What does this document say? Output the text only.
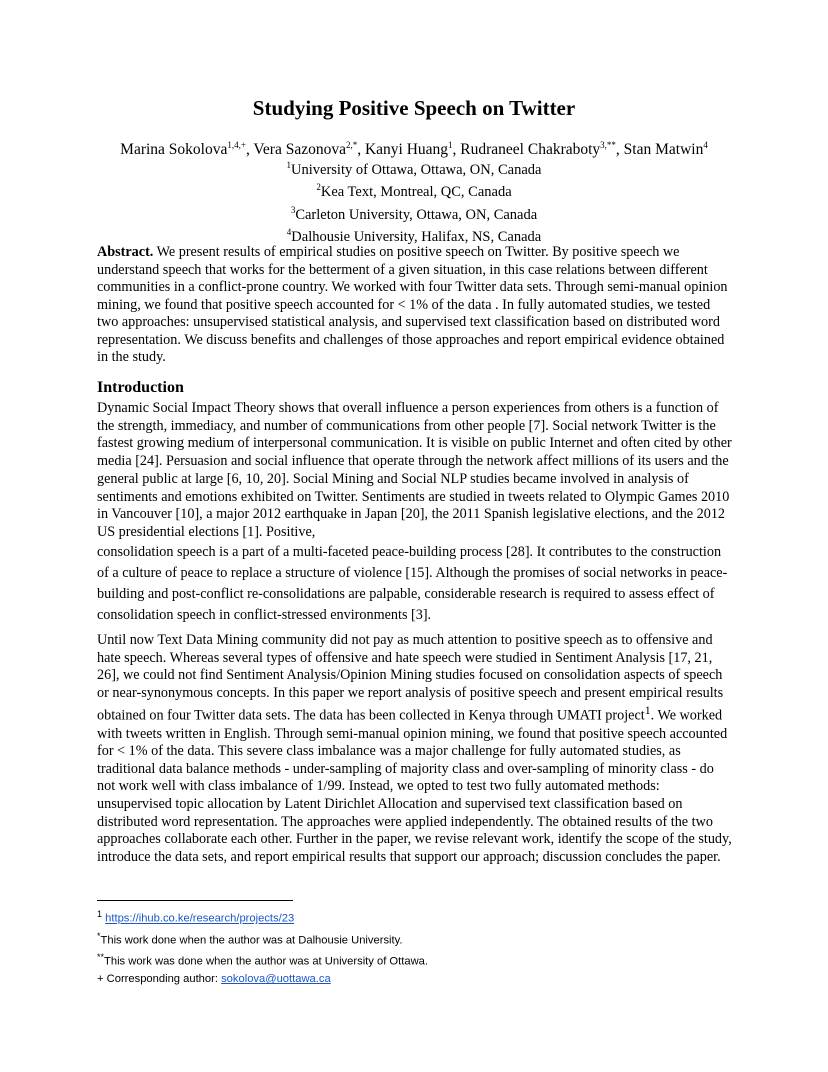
Studying Positive Speech on Twitter
Marina Sokolova$^{1,4,+}$, Vera Sazonova$^{2,*}$, Kanyi Huang$^1$, Rudraneel Chakraboty$^{3,**}$, Stan Matwin$^4$
$^1$University of Ottawa, Ottawa, ON, Canada
$^2$Kea Text, Montreal, QC, Canada
$^3$Carleton University, Ottawa, ON, Canada
$^4$Dalhousie University, Halifax, NS, Canada
Abstract. We present results of empirical studies on positive speech on Twitter. By positive speech we understand speech that works for the betterment of a given situation, in this case relations between different communities in a conflict-prone country. We worked with four Twitter data sets. Through semi-manual opinion mining, we found that positive speech accounted for < 1% of the data . In fully automated studies, we tested two approaches: unsupervised statistical analysis, and supervised text classification based on distributed word representation. We discuss benefits and challenges of those approaches and report empirical evidence obtained in the study.
Introduction
Dynamic Social Impact Theory shows that overall influence a person experiences from others is a function of the strength, immediacy, and number of communications from other people [7]. Social network Twitter is the fastest growing medium of interpersonal communication. It is visible on public Internet and often cited by other media [24]. Persuasion and social influence that operate through the network affect millions of its users and the general public at large [6, 10, 20]. Social Mining and Social NLP studies became involved in analysis of sentiments and emotions exhibited on Twitter. Sentiments are studied in tweets related to Olympic Games 2010 in Vancouver [10], a major 2012 earthquake in Japan [20], the 2011 Spanish legislative elections, and the 2012 US presidential elections [1]. Positive,
consolidation speech is a part of a multi-faceted peace-building process [28]. It contributes to the construction of a culture of peace to replace a structure of violence [15]. Although the promises of social networks in peace-building and post-conflict re-consolidations are palpable, considerable research is required to assess effect of consolidation speech in conflict-stressed environments [3].
Until now Text Data Mining community did not pay as much attention to positive speech as to offensive and hate speech. Whereas several types of offensive and hate speech were studied in Sentiment Analysis [17, 21, 26], we could not find Sentiment Analysis/Opinion Mining studies focused on consolidation aspects of speech or near-synonymous concepts. In this paper we report analysis of positive speech and present empirical results obtained on four Twitter data sets. The data has been collected in Kenya through UMATI project$^1$. We worked with tweets written in English. Through semi-manual opinion mining, we found that positive speech accounted for < 1% of the data. This severe class imbalance was a major challenge for fully automated studies, as traditional data balance methods - under-sampling of majority class and over-sampling of minority class - do not work well with class imbalance of 1/99. Instead, we opted to test two fully automated methods: unsupervised topic allocation by Latent Dirichlet Allocation and supervised text classification based on distributed word representation. The approaches were applied independently. The obtained results of the two approaches collaborate each other. Further in the paper, we revise relevant work, identify the scope of the study, introduce the data sets, and report empirical results that support our approach; discussion concludes the paper.
$^1$ https://ihub.co.ke/research/projects/23
*This work done when the author was at Dalhousie University.
**This work was done when the author was at University of Ottawa.
+ Corresponding author: sokolova@uottawa.ca
